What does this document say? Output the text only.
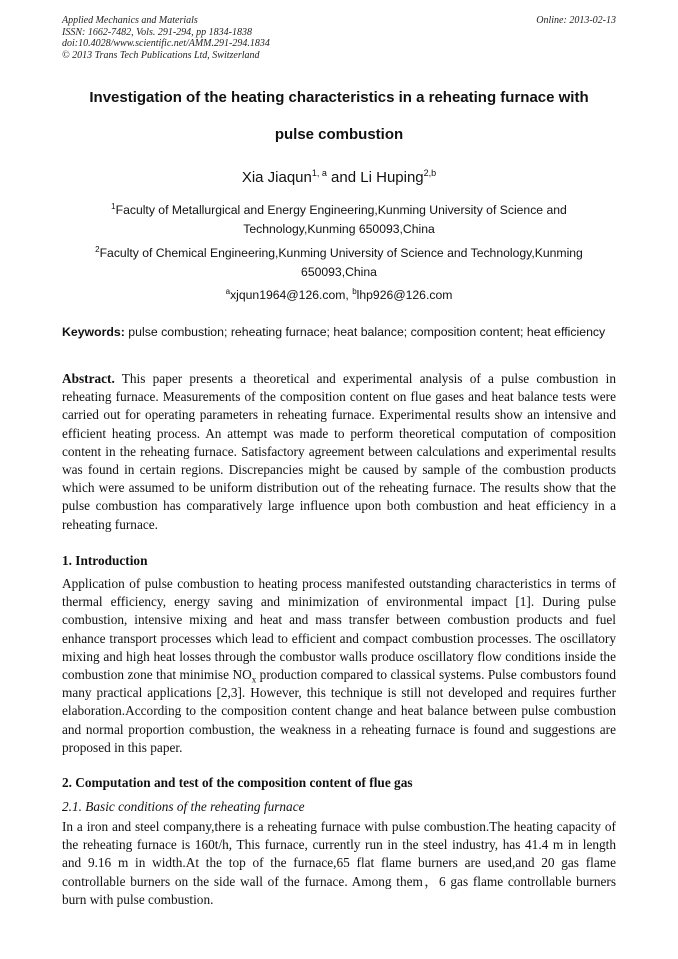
Applied Mechanics and Materials	Online: 2013-02-13
ISSN: 1662-7482, Vols. 291-294, pp 1834-1838
doi:10.4028/www.scientific.net/AMM.291-294.1834
© 2013 Trans Tech Publications Ltd, Switzerland
Investigation of the heating characteristics in a reheating furnace with
pulse combustion
Xia Jiaqun$^{1, a}$ and Li Huping$^{2,b}$
$^1$Faculty of Metallurgical and Energy Engineering,Kunming University of Science and Technology,Kunming 650093,China
$^2$Faculty of Chemical Engineering,Kunming University of Science and Technology,Kunming 650093,China
$^a$xjqun1964@126.com, $^b$lhp926@126.com
Keywords: pulse combustion; reheating furnace; heat balance; composition content; heat efficiency
Abstract. This paper presents a theoretical and experimental analysis of a pulse combustion in reheating furnace. Measurements of the composition content on flue gases and heat balance tests were carried out for operating parameters in reheating furnace. Experimental results show an intensive and efficient heating process. An attempt was made to perform theoretical computation of composition content in the reheating furnace. Satisfactory agreement between calculations and experimental results was found in certain regions. Discrepancies might be caused by sample of the combustion products which were assumed to be uniform distribution out of the reheating furnace. The results show that the pulse combustion has comparatively large influence upon both combustion and heat efficiency in a reheating furnace.
1. Introduction
Application of pulse combustion to heating process manifested outstanding characteristics in terms of thermal efficiency, energy saving and minimization of environmental impact [1]. During pulse combustion, intensive mixing and heat and mass transfer between combustion products and fuel enhance transport processes which lead to efficient and compact combustion processes. The oscillatory mixing and high heat losses through the combustor walls produce oscillatory flow conditions inside the combustion zone that minimise $NO_x$ production compared to classical systems. Pulse combustors found many practical applications [2,3]. However, this technique is still not developed and requires further elaboration.According to the composition content change and heat balance between pulse combustion and normal proportion combustion, the weakness in a reheating furnace is found and suggestions are proposed in this paper.
2. Computation and test of the composition content of flue gas
2.1. Basic conditions of the reheating furnace
In a iron and steel company,there is a reheating furnace with pulse combustion.The heating capacity of the reheating furnace is 160t/h, This furnace, currently run in the steel industry, has 41.4 m in length and 9.16 m in width.At the top of the furnace,65 flat flame burners are used,and 20 gas flame controllable burners on the side wall of the furnace. Among them，6 gas flame controllable burners burn with pulse combustion.
